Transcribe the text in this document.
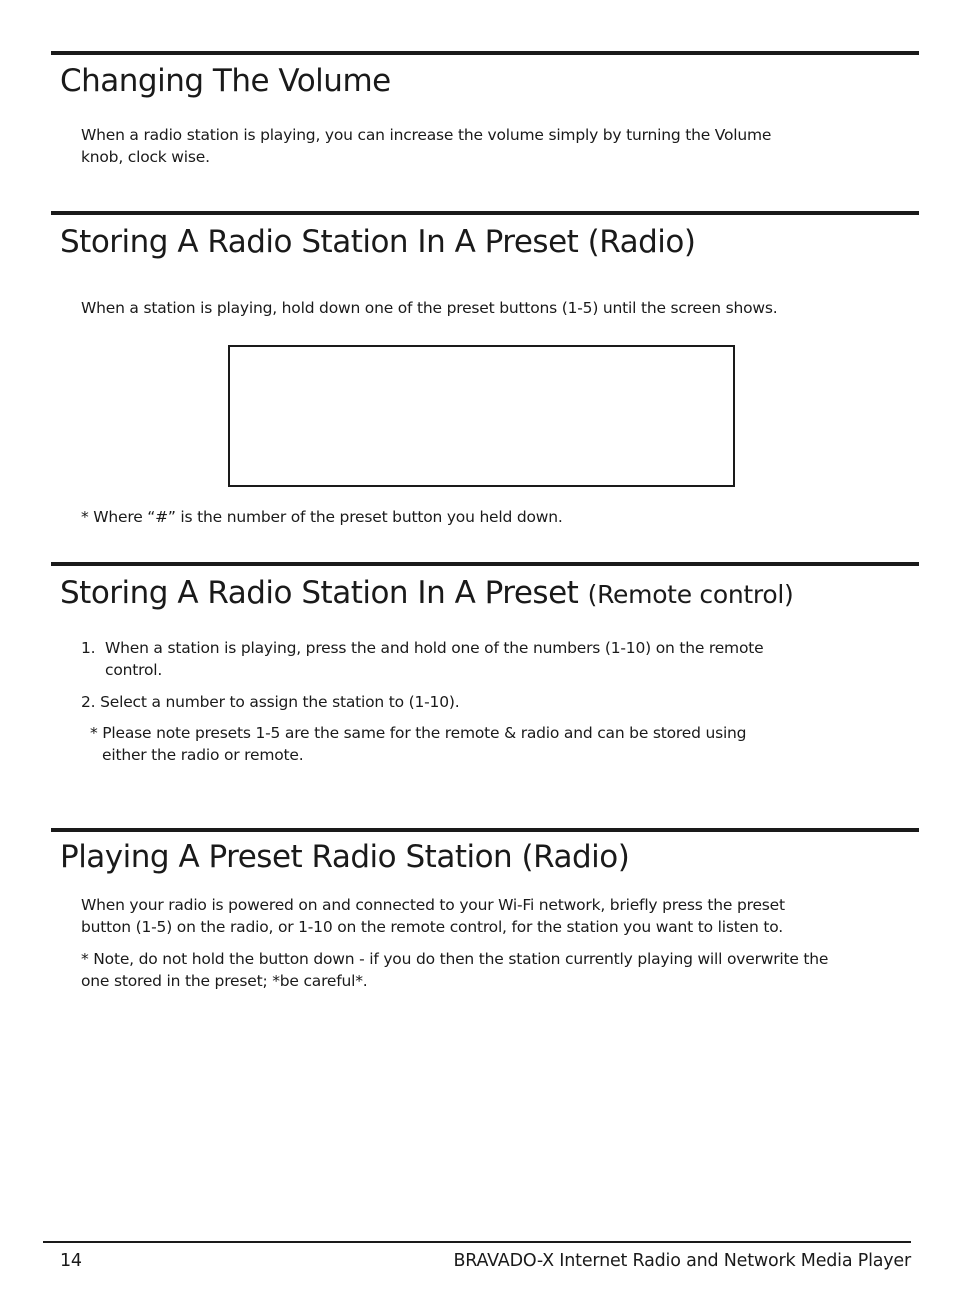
Changing The Volume

When a radio station is playing, you can increase the volume simply by turning the Volume knob, clock wise.

Storing A Radio Station In A Preset (Radio)

When a station is playing, hold down one of the preset buttons (1-5) until the screen shows.

* Where “#” is the number of the preset button you held down.

Storing A Radio Station In A Preset (Remote control)
1. When a station is playing, press the and hold one of the numbers (1-10) on the remote control.

2. Select a number to assign the station to (1-10).

* Please note presets 1-5 are the same for the remote & radio and can be stored using either the radio or remote.

Playing A Preset Radio Station (Radio)

When your radio is powered on and connected to your Wi-Fi network, briefly press the preset button (1-5) on the radio, or 1-10 on the remote control, for the station you want to listen to.

* Note, do not hold the button down - if you do then the station currently playing will overwrite the one stored in the preset; *be careful*.

14	BRAVADO-X Internet Radio and Network Media Player
